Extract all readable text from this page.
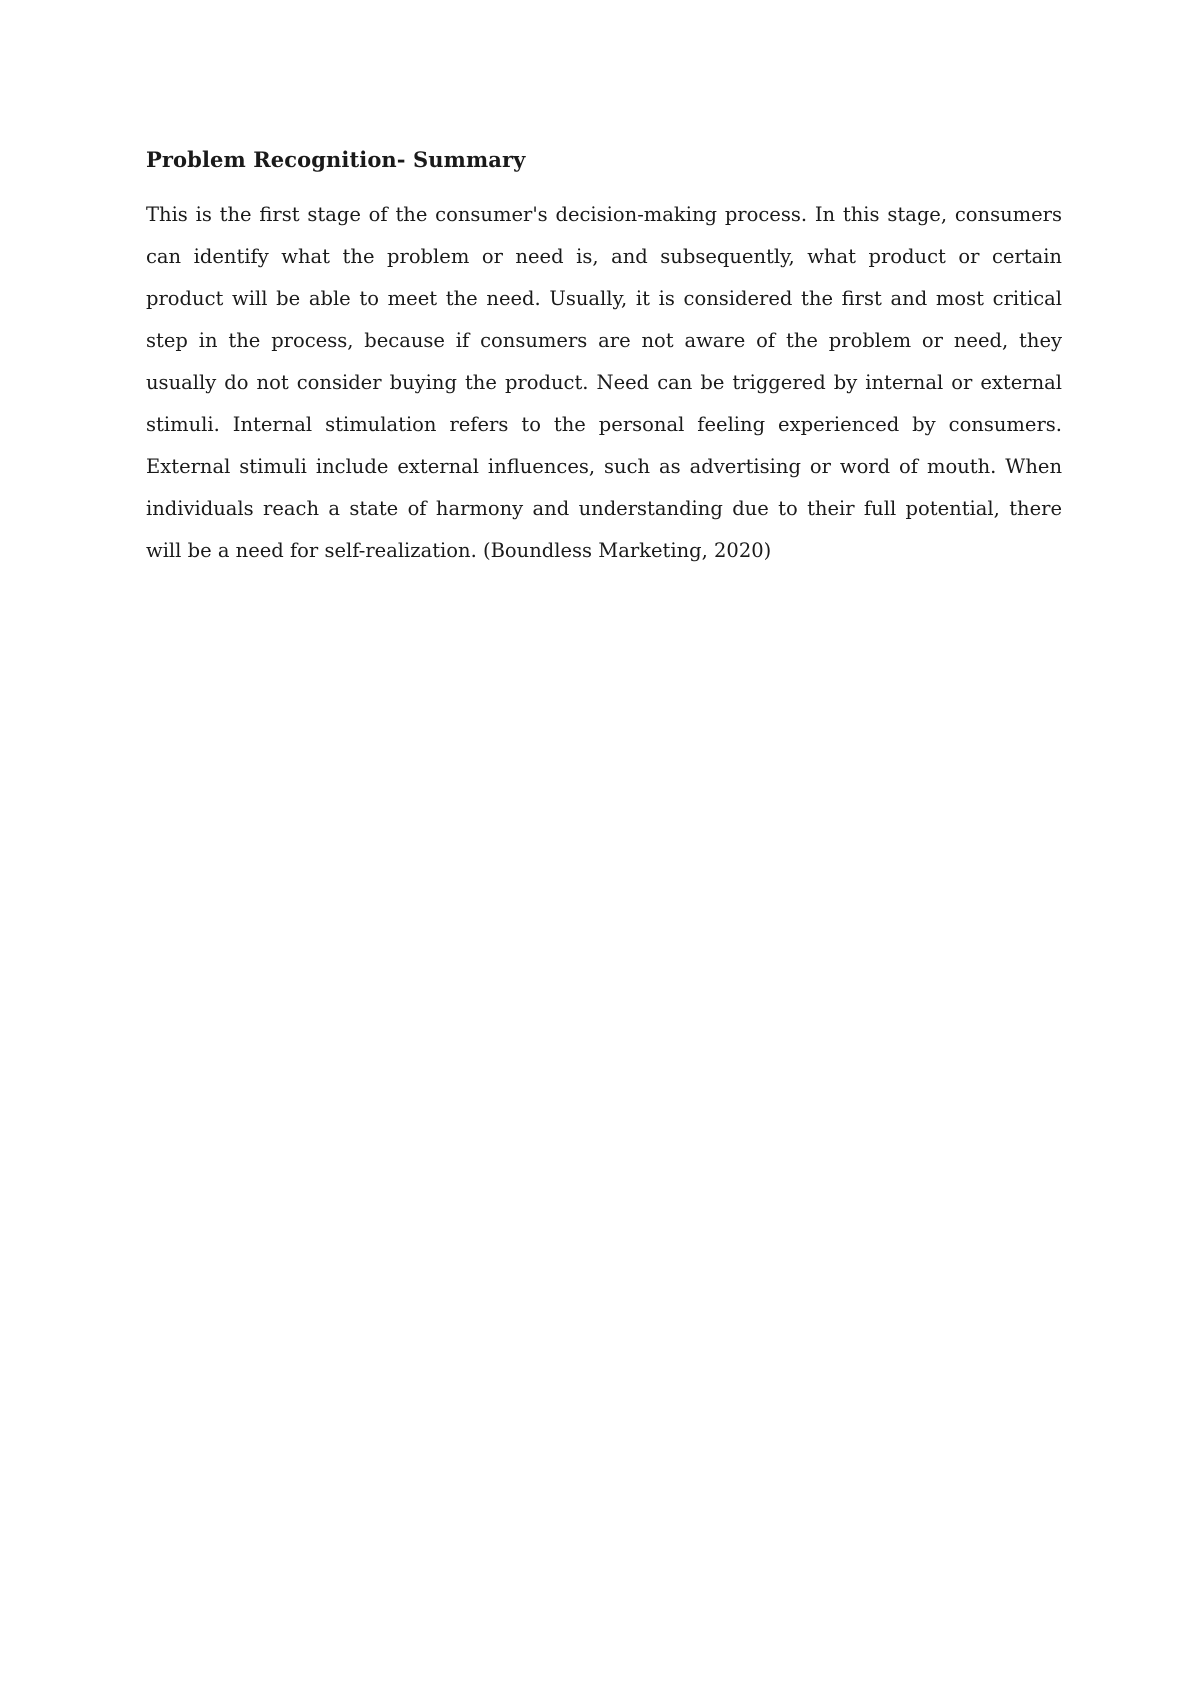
Problem Recognition- Summary

This is the first stage of the consumer's decision-making process. In this stage, consumers can identify what the problem or need is, and subsequently, what product or certain product will be able to meet the need. Usually, it is considered the first and most critical step in the process, because if consumers are not aware of the problem or need, they usually do not consider buying the product. Need can be triggered by internal or external stimuli. Internal stimulation refers to the personal feeling experienced by consumers. External stimuli include external influences, such as advertising or word of mouth. When individuals reach a state of harmony and understanding due to their full potential, there will be a need for self-realization. (Boundless Marketing, 2020)
